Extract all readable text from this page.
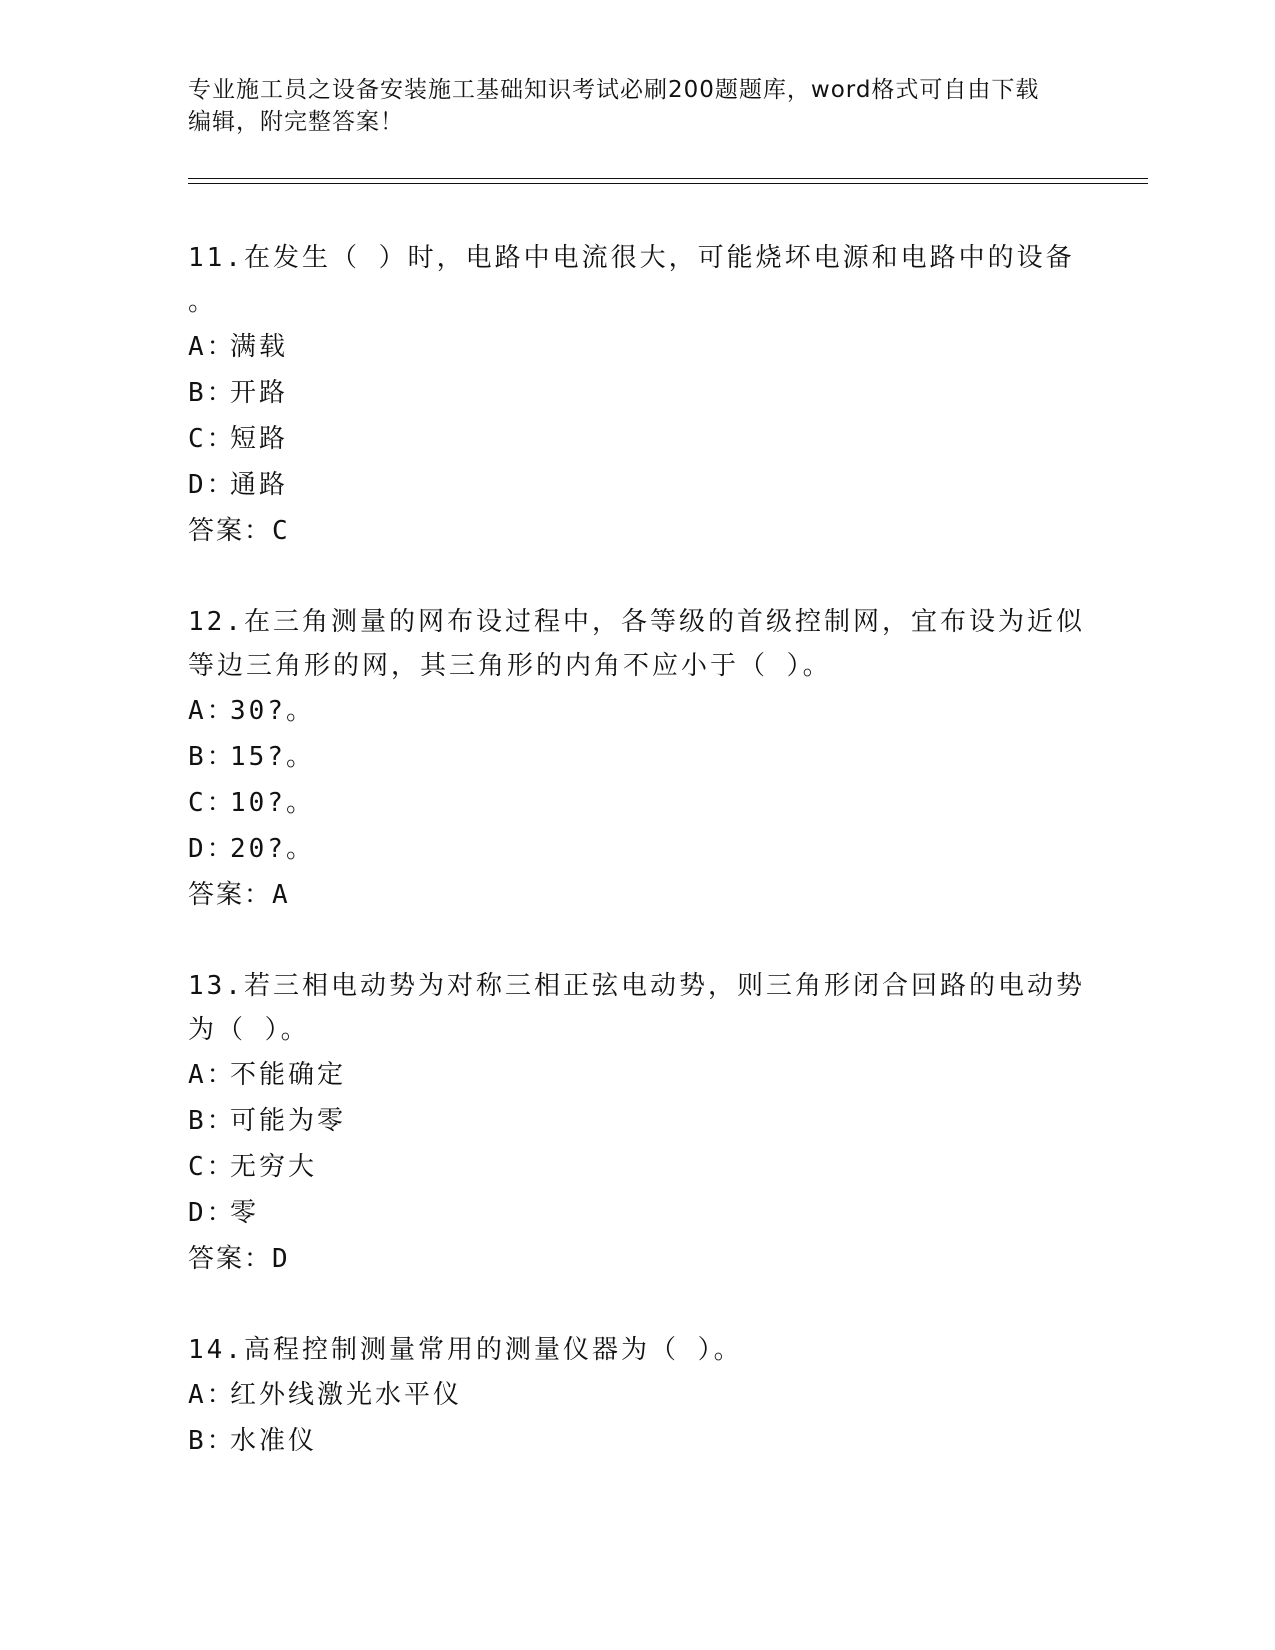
专业施工员之设备安装施工基础知识考试必刷200题题库，word格式可自由下载
编辑，附完整答案！
11.在发生（ ）时，电路中电流很大，可能烧坏电源和电路中的设备
。
A：满载
B：开路
C：短路
D：通路
答案：C
12.在三角测量的网布设过程中，各等级的首级控制网，宜布设为近似
等边三角形的网，其三角形的内角不应小于（ ）。
A：30?。
B：15?。
C：10?。
D：20?。
答案：A
13.若三相电动势为对称三相正弦电动势，则三角形闭合回路的电动势
为（ ）。
A：不能确定
B：可能为零
C：无穷大
D：零
答案：D
14.高程控制测量常用的测量仪器为（ ）。
A：红外线激光水平仪
B：水准仪
